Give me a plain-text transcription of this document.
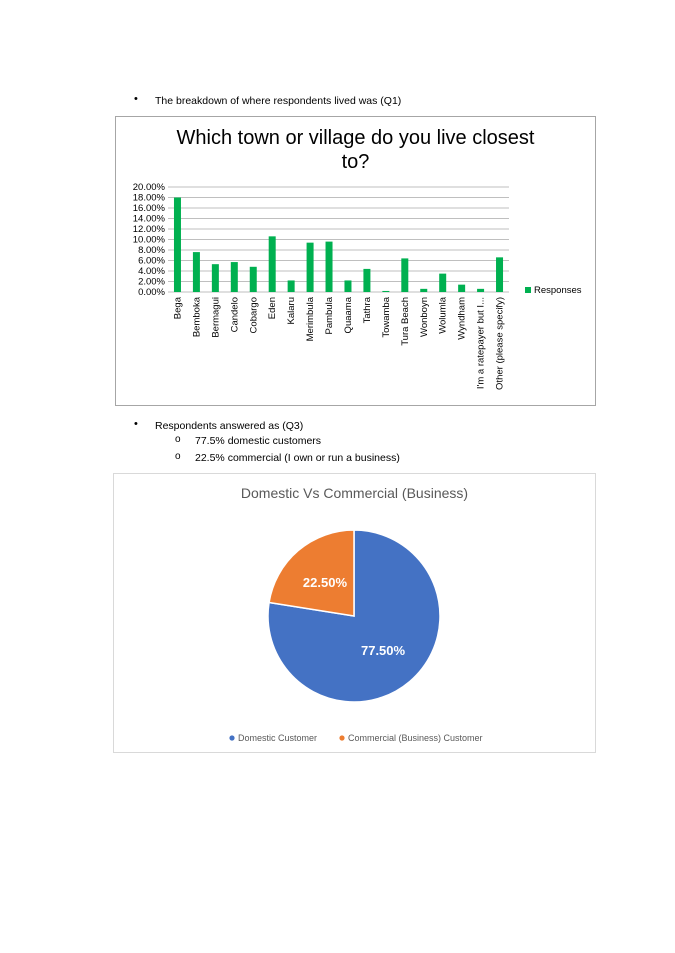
• The breakdown of where respondents lived was (Q1)
Which town or village do you live closest
to?
0.00%
2.00%
4.00%
6.00%
8.00%
10.00%
12.00%
14.00%
16.00%
18.00%
20.00%
Bega Bemboka Bermagui Candelo Cobargo Eden Kalaru Merimbula Pambula Quaama Tathra Towamba Tura Beach Wonboyn Wolumla Wyndham I'm a ratepayer but I... Other (please specify)
Responses
• Respondents answered as (Q3)
o 77.5% domestic customers
o 22.5% commercial (I own or run a business)
Domestic Vs Commercial (Business)
77.50%
22.50%
Domestic Customer	Commercial (Business) Customer
